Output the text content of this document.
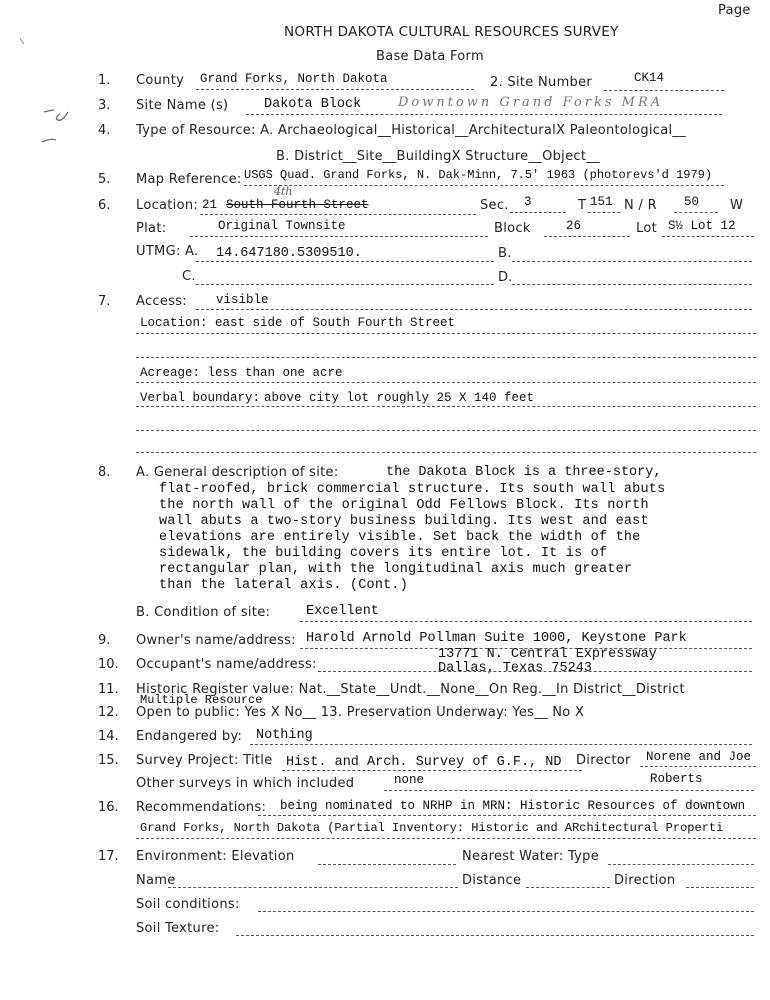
Page
NORTH DAKOTA CULTURAL RESOURCES SURVEY
Base Data Form
1. County Grand Forks, North Dakota	2. Site Number	CK14
3. Site Name (s)	Dakota Block	Downtown Grand Forks MRA
4. Type of Resource: A. Archaeological__Historical__ArchitecturalX Paleontological__
B. District__Site__BuildingX Structure__Object__
5. Map Reference: USGS Quad. Grand Forks, N. Dak-Minn, 7.5' 1963 (photorevs'd 1979)
6. Location: 21 South Fourth Street
4th
Sec. 3	T 151 N / R 50 W
Plat:	Original Townsite	Block	26	Lot S½ Lot 12
UTMG: A. 14.647180.5309510.	B.
C.	D.
7. Access: visible
Location: east side of South Fourth Street
Acreage: less than one acre
Verbal boundary: above city lot roughly 25 X 140 feet
8. A. General description of site:	the Dakota Block is a three-story,
flat-roofed, brick commercial structure. Its south wall abuts
the north wall of the original Odd Fellows Block. Its north
wall abuts a two-story business building. Its west and east
elevations are entirely visible. Set back the width of the
sidewalk, the building covers its entire lot. It is of
rectangular plan, with the longitudinal axis much greater
than the lateral axis. (Cont.)
B. Condition of site:	Excellent
9. Owner's name/address: Harold Arnold Pollman Suite 1000, Keystone Park
10. Occupant's name/address:
13771 N. Central Expressway
Dallas, Texas 75243
11. Historic Register value: Nat.__State__Undt.__None__On Reg.__In District__District
Multiple Resource
12. Open to public: Yes X No__ 13. Preservation Underway: Yes__ No X
14. Endangered by: Nothing
15. Survey Project: Title Hist. and Arch. Survey of G.F., ND Director Norene and Joe
Other surveys in which included	none	Roberts
16. Recommendations: being nominated to NRHP in MRN: Historic Resources of downtown
Grand Forks, North Dakota (Partial Inventory: Historic and ARchitectural Properti
17. Environment: Elevation	Nearest Water: Type
Name	Distance	Direction
Soil conditions:
Soil Texture:
